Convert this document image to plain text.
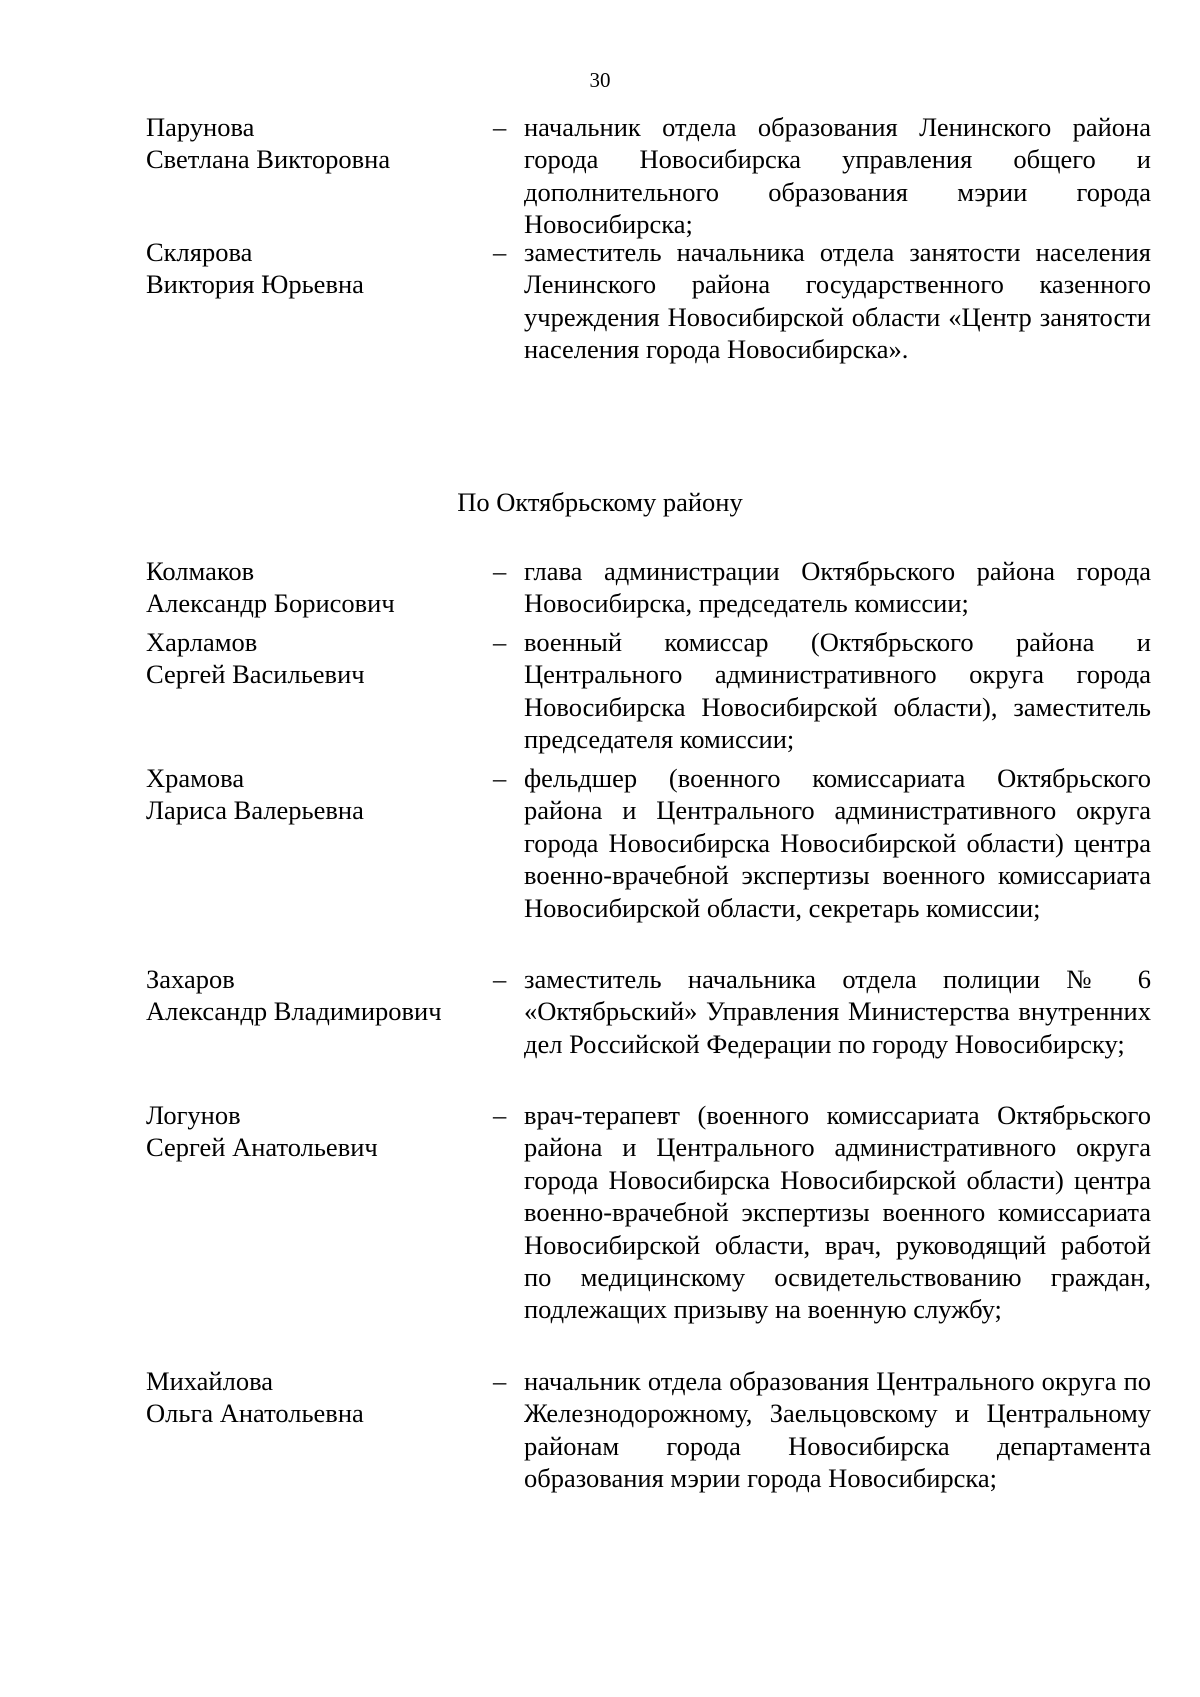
30
Парунова
Светлана Викторовна
– начальник отдела образования Ленинского района города Новосибирска управления общего и дополнительного образования мэрии города Новосибирска;
Склярова
Виктория Юрьевна
– заместитель начальника отдела занятости населения Ленинского района государственного казенного учреждения Новосибирской области «Центр занятости населения города Новосибирска».
По Октябрьскому району
Колмаков
Александр Борисович
– глава администрации Октябрьского района города Новосибирска, председатель комиссии;
Харламов
Сергей Васильевич
– военный комиссар (Октябрьского района и Центрального административного округа города Новосибирска Новосибирской области), заместитель председателя комиссии;
Храмова
Лариса Валерьевна
– фельдшер (военного комиссариата Октябрьского района и Центрального административного округа города Новосибирска Новосибирской области) центра военно-врачебной экспертизы военного комиссариата Новосибирской области, секретарь комиссии;
Захаров
Александр Владимирович
– заместитель начальника отдела полиции № 6 «Октябрьский» Управления Министерства внутренних дел Российской Федерации по городу Новосибирску;
Логунов
Сергей Анатольевич
– врач-терапевт (военного комиссариата Октябрьского района и Центрального административного округа города Новосибирска Новосибирской области) центра военно-врачебной экспертизы военного комиссариата Новосибирской области, врач, руководящий работой по медицинскому освидетельствованию граждан, подлежащих призыву на военную службу;
Михайлова
Ольга Анатольевна
– начальник отдела образования Центрального округа по Железнодорожному, Заельцовскому и Центральному районам города Новосибирска департамента образования мэрии города Новосибирска;
